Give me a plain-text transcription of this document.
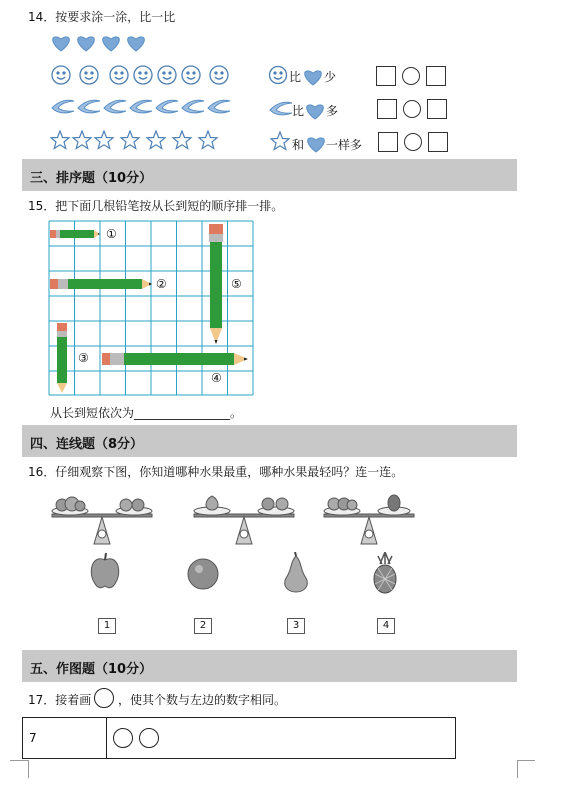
14．按要求涂一涂，比一比
比 少
比 多
和 一样多
三、排序题（10分）
15．把下面几根铅笔按从长到短的顺序排一排。
①
②
③
④
⑤
从长到短依次为________________。
四、连线题（8分）
16．仔细观察下图，你知道哪种水果最重，哪种水果最轻吗？连一连。
1	2	3	4
五、作图题（10分）
17．接着画 ，使其个数与左边的数字相同。
7	
